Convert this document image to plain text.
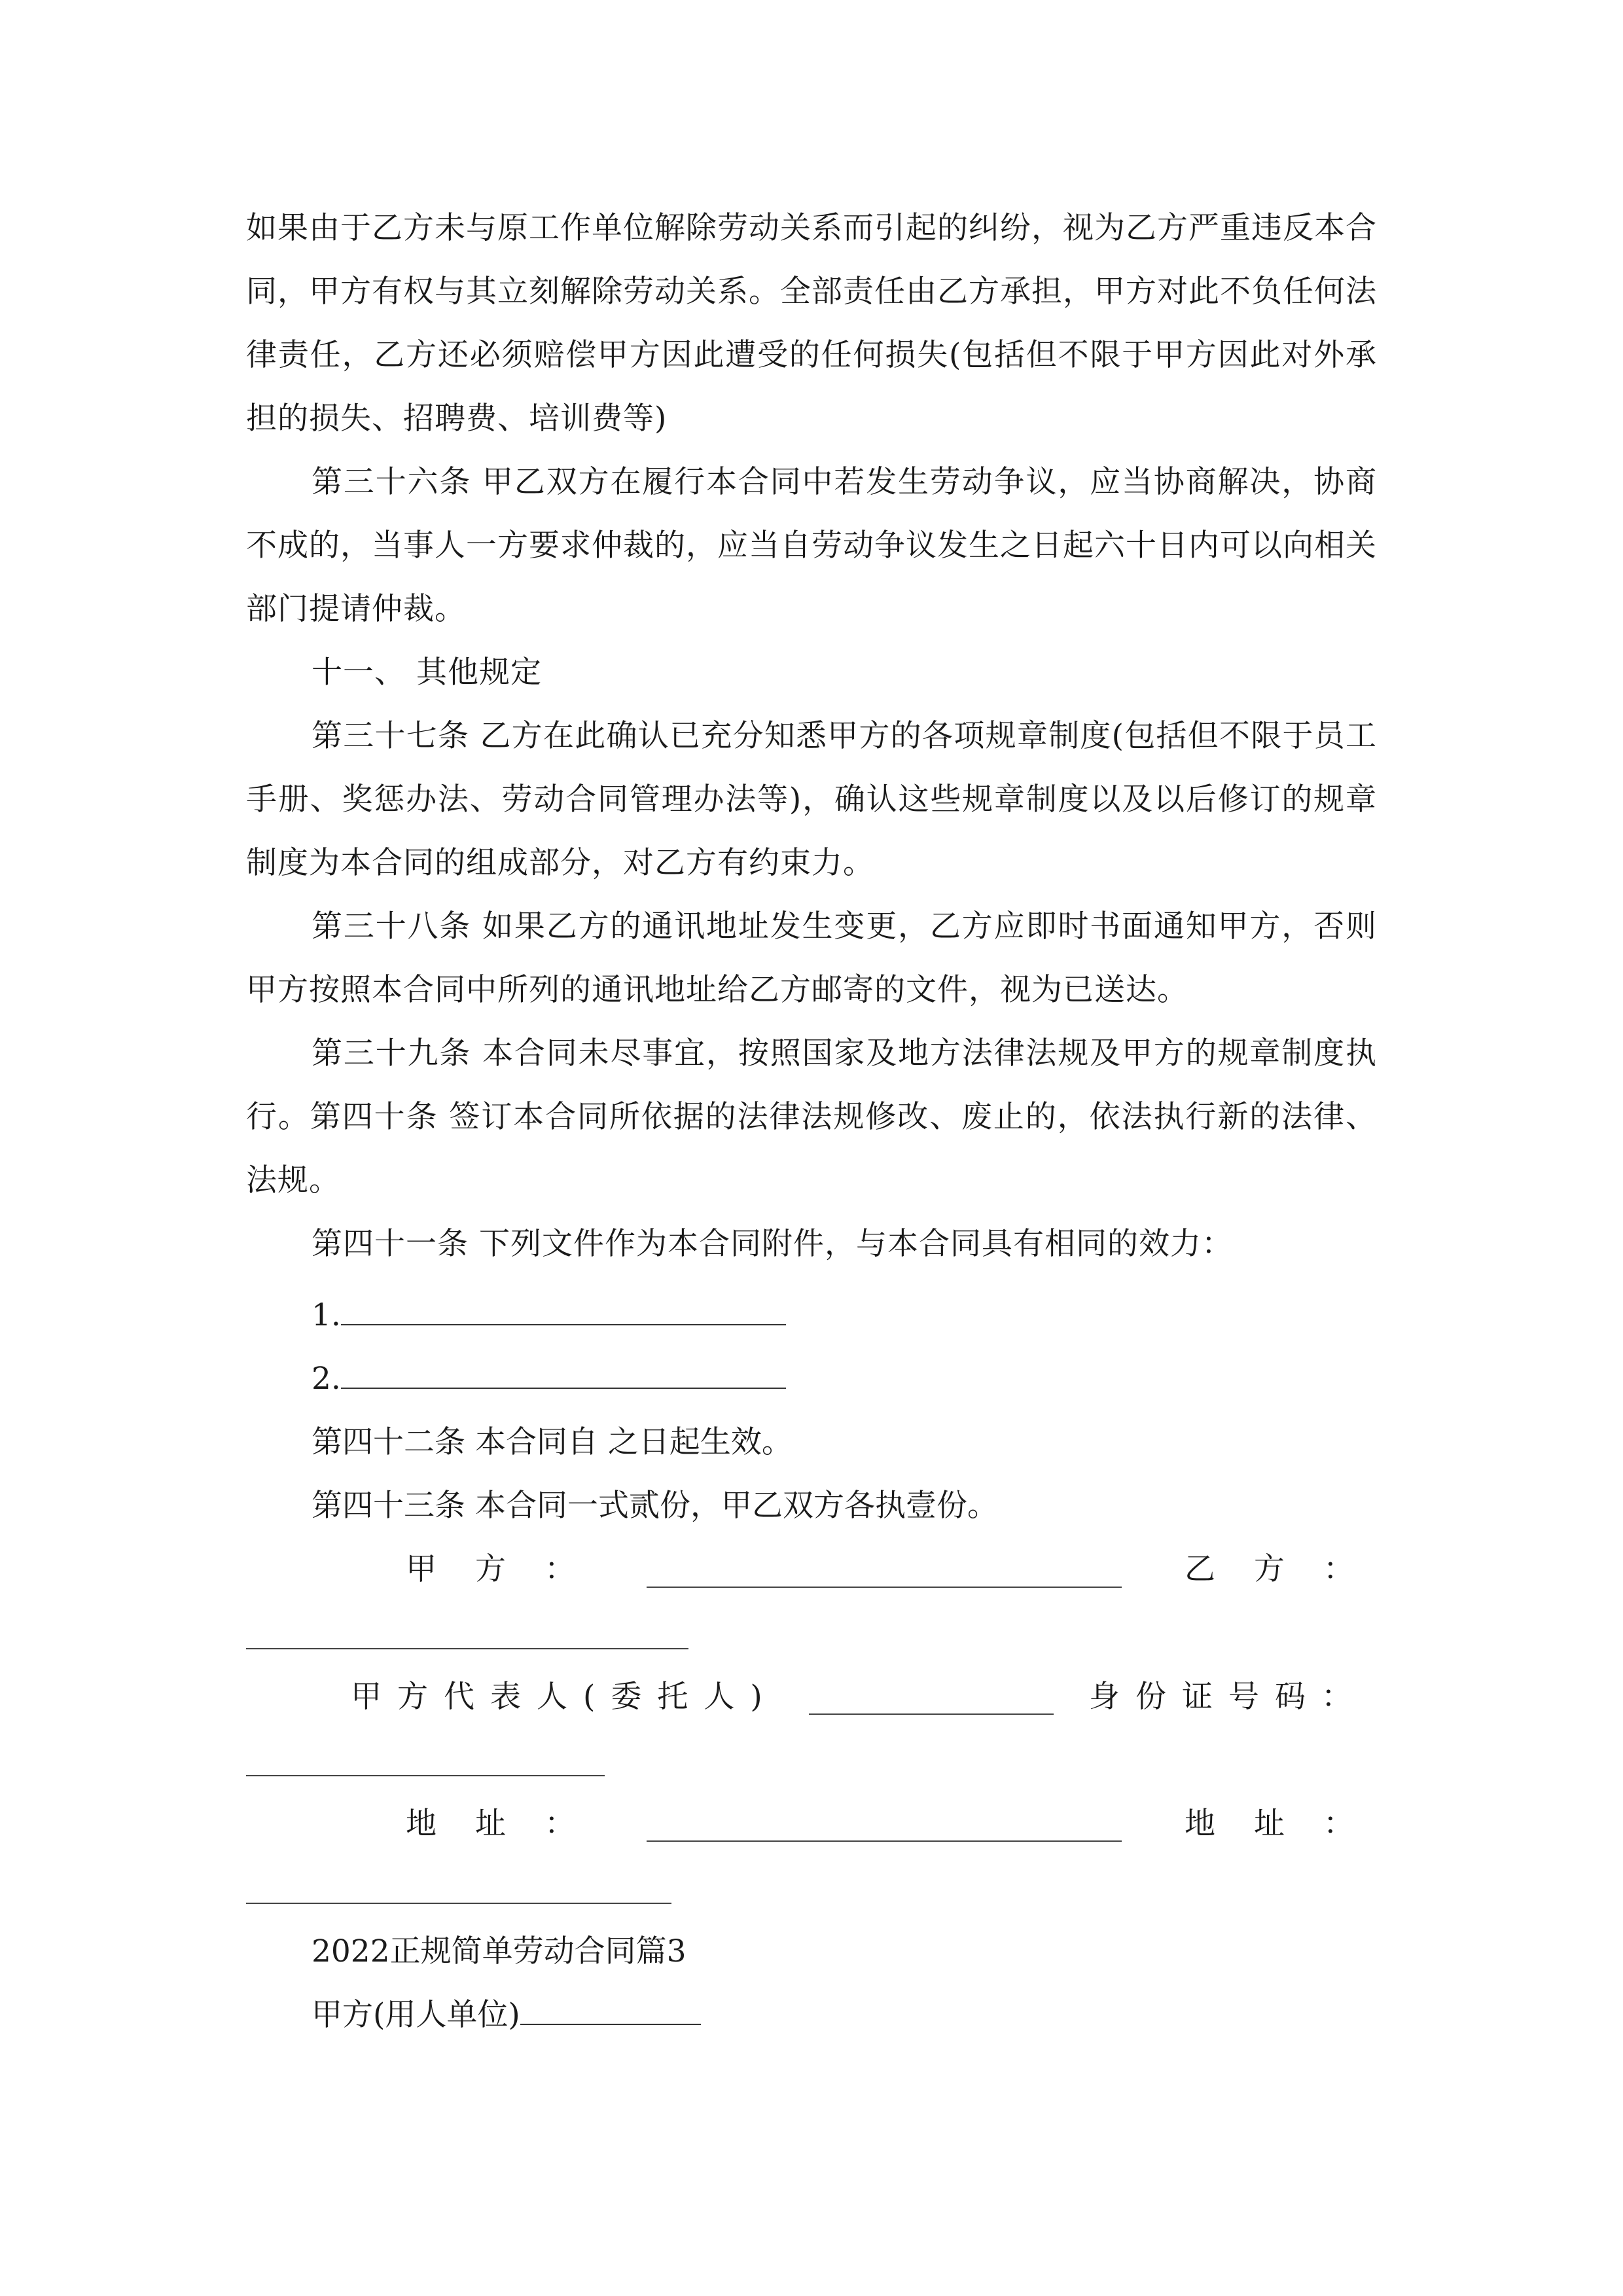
如果由于乙方未与原工作单位解除劳动关系而引起的纠纷，视为乙方严重违反本合同，甲方有权与其立刻解除劳动关系。全部责任由乙方承担，甲方对此不负任何法律责任，乙方还必须赔偿甲方因此遭受的任何损失(包括但不限于甲方因此对外承担的损失、招聘费、培训费等)

第三十六条 甲乙双方在履行本合同中若发生劳动争议，应当协商解决，协商不成的，当事人一方要求仲裁的，应当自劳动争议发生之日起六十日内可以向相关部门提请仲裁。

十一、 其他规定

第三十七条 乙方在此确认已充分知悉甲方的各项规章制度(包括但不限于员工手册、奖惩办法、劳动合同管理办法等)，确认这些规章制度以及以后修订的规章制度为本合同的组成部分，对乙方有约束力。

第三十八条 如果乙方的通讯地址发生变更，乙方应即时书面通知甲方，否则甲方按照本合同中所列的通讯地址给乙方邮寄的文件，视为已送达。

第三十九条 本合同未尽事宜，按照国家及地方法律法规及甲方的规章制度执行。第四十条 签订本合同所依据的法律法规修改、废止的，依法执行新的法律、法规。

第四十一条 下列文件作为本合同附件，与本合同具有相同的效力：

1.
2.

第四十二条 本合同自 之日起生效。

第四十三条 本合同一式贰份，甲乙双方各执壹份。

甲　方　：	乙　方　：

甲方代表人(委托人)	身份证号码：

地　址　：	地　址　：

2022正规简单劳动合同篇3

甲方(用人单位)
